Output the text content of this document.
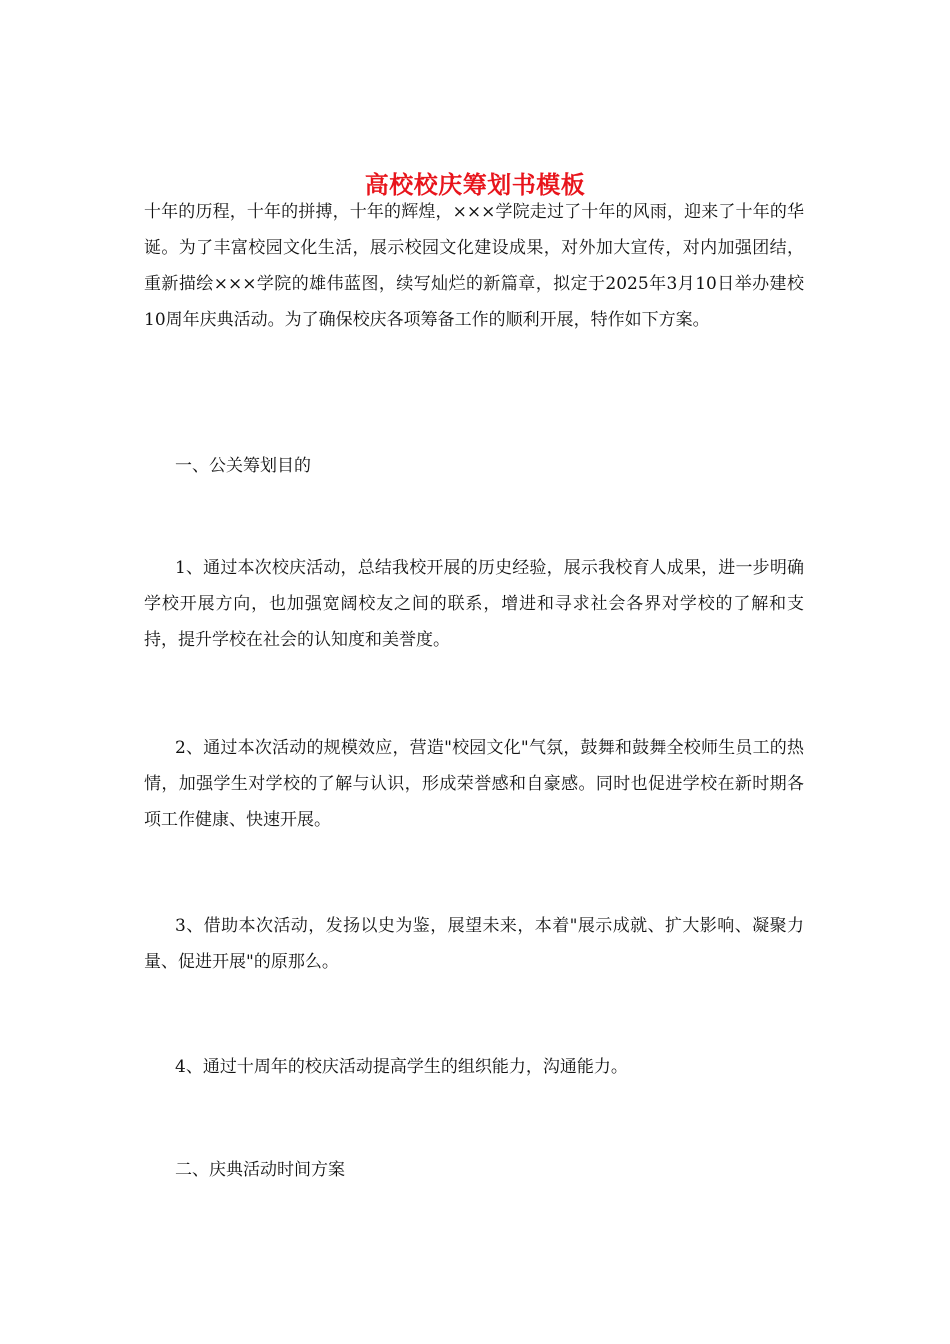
高校校庆筹划书模板

十年的历程，十年的拼搏，十年的辉煌，×××学院走过了十年的风雨，迎来了十年的华诞。为了丰富校园文化生活，展示校园文化建设成果，对外加大宣传，对内加强团结，重新描绘×××学院的雄伟蓝图，续写灿烂的新篇章，拟定于2025年3月10日举办建校10周年庆典活动。为了确保校庆各项筹备工作的顺利开展，特作如下方案。

一、公关筹划目的

1、通过本次校庆活动，总结我校开展的历史经验，展示我校育人成果，进一步明确学校开展方向，也加强宽阔校友之间的联系，增进和寻求社会各界对学校的了解和支持，提升学校在社会的认知度和美誉度。

2、通过本次活动的规模效应，营造"校园文化"气氛，鼓舞和鼓舞全校师生员工的热情，加强学生对学校的了解与认识，形成荣誉感和自豪感。同时也促进学校在新时期各项工作健康、快速开展。

3、借助本次活动，发扬以史为鉴，展望未来，本着"展示成就、扩大影响、凝聚力量、促进开展"的原那么。

4、通过十周年的校庆活动提高学生的组织能力，沟通能力。

二、庆典活动时间方案
